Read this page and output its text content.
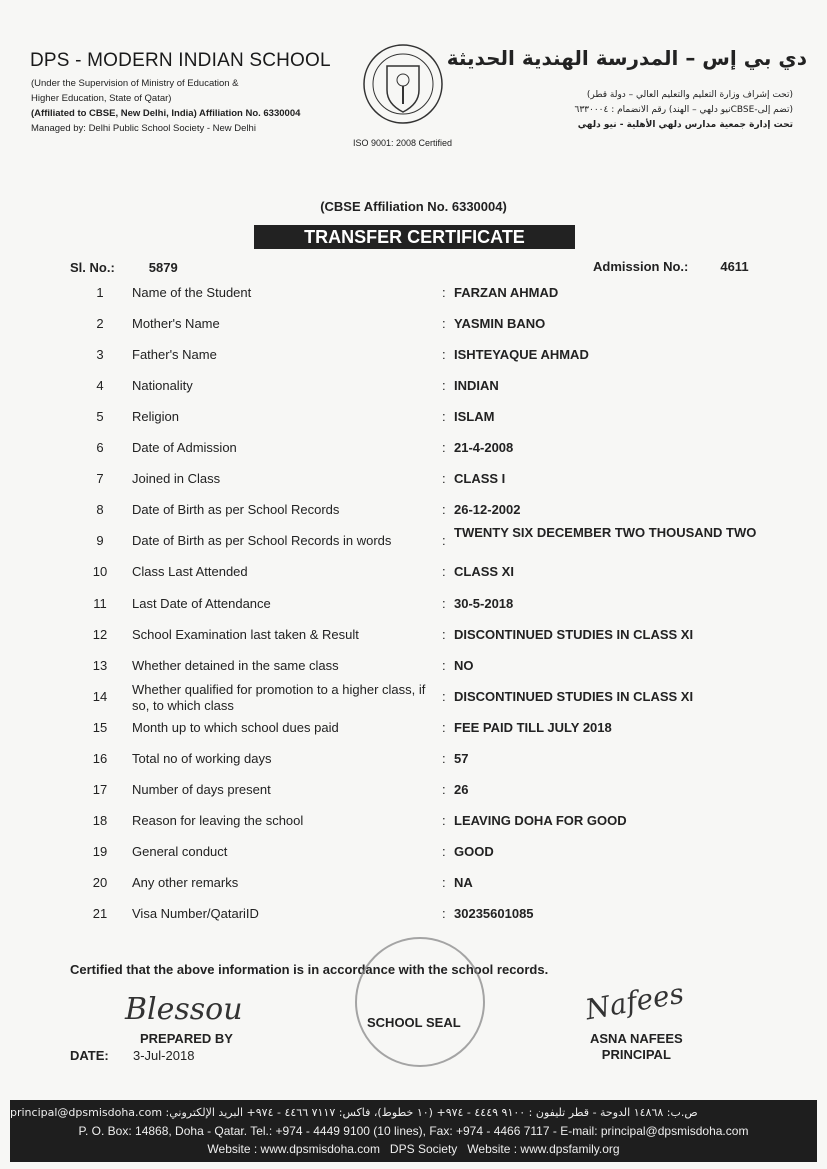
DPS - MODERN INDIAN SCHOOL
(Under the Supervision of Ministry of Education &
Higher Education, State of Qatar)
(Affiliated to CBSE, New Delhi, India) Affiliation No. 6330004
Managed by: Delhi Public School Society - New Delhi
ISO 9001: 2008 Certified
دي بي إس – المدرسة الهندية الحديثة
(تحت إشراف وزارة التعليم والتعليم العالي – دولة قطر)
(تضم إلى-CBSEنيو دلهي – الهند) رقم الانضمام : ٦٣٣٠٠٠٤
تحت إدارة جمعية مدارس دلهي الأهلية - نيو دلهي
(CBSE Affiliation No. 6330004)
TRANSFER CERTIFICATE
Sl. No.:	5879	Admission No.: 4611
1	Name of the Student	: FARZAN AHMAD
2	Mother's Name	: YASMIN BANO
3	Father's Name	: ISHTEYAQUE AHMAD
4	Nationality	: INDIAN
5	Religion	: ISLAM
6	Date of Admission	: 21-4-2008
7	Joined in Class	: CLASS I
8	Date of Birth as per School Records	: 26-12-2002
9	Date of Birth as per School Records in words	:
TWENTY SIX DECEMBER TWO THOUSAND TWO
10	Class Last Attended	: CLASS XI
11	Last Date of Attendance	: 30-5-2018
12	School Examination last taken & Result	: DISCONTINUED STUDIES IN CLASS XI
13	Whether detained in the same class	: NO
14	Whether qualified for promotion to a higher class, if so, to which class
: DISCONTINUED STUDIES IN CLASS XI
15	Month up to which school dues paid	: FEE PAID TILL JULY 2018
16	Total no of working days	: 57
17	Number of days present	: 26
18	Reason for leaving the school	: LEAVING DOHA FOR GOOD
19	General conduct	: GOOD
20	Any other remarks	: NA
21	Visa Number/QatariID	: 30235601085
Certified that the above information is in accordance with the school records.
Blessou
PREPARED BY
DATE: 3-Jul-2018
SCHOOL SEAL	Nafees
ASNA NAFEES
PRINCIPAL
ص.ب: ١٤٨٦٨ الدوحة - قطر تليفون : ٩١٠٠ ٤٤٤٩ - ٩٧٤+ (١٠ خطوط)، فاكس: ٧١١٧ ٤٤٦٦ - ٩٧٤+ البريد الإلكتروني: principal@dpsmisdoha.com
P. O. Box: 14868, Doha - Qatar. Tel.: +974 - 4449 9100 (10 lines), Fax: +974 - 4466 7117 - E-mail: principal@dpsmisdoha.com
Website : www.dpsmisdoha.com   DPS Society   Website : www.dpsfamily.org
